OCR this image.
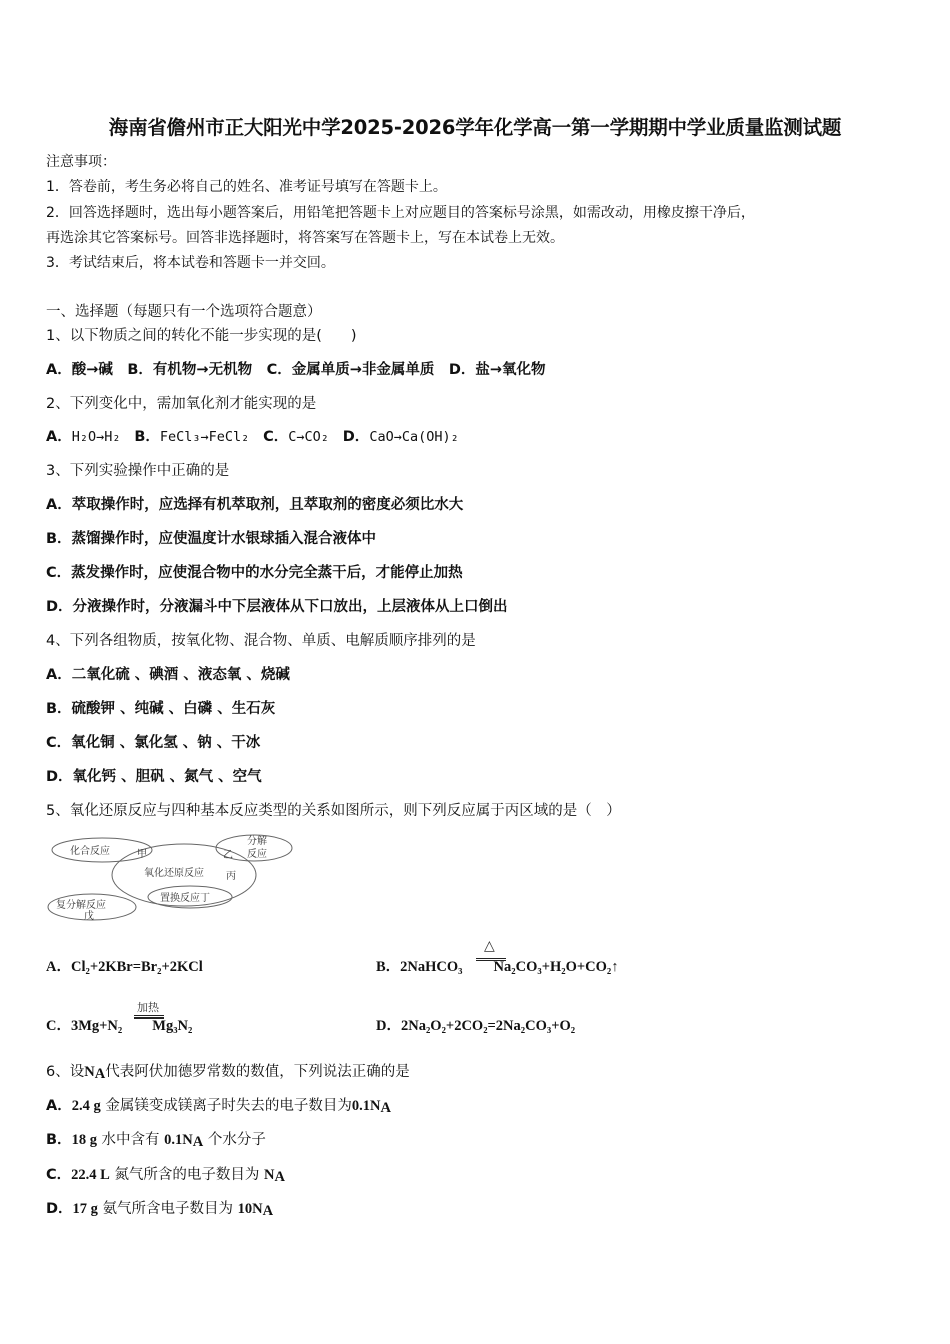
海南省儋州市正大阳光中学2025-2026学年化学高一第一学期期中学业质量监测试题
注意事项：
1．答卷前，考生务必将自己的姓名、准考证号填写在答题卡上。
2．回答选择题时，选出每小题答案后，用铅笔把答题卡上对应题目的答案标号涂黑，如需改动，用橡皮擦干净后，
再选涂其它答案标号。回答非选择题时，将答案写在答题卡上，写在本试卷上无效。
3．考试结束后，将本试卷和答题卡一并交回。
一、选择题（每题只有一个选项符合题意）
1、以下物质之间的转化不能一步实现的是(　　)
A．酸→碱　B．有机物→无机物　C．金属单质→非金属单质　D．盐→氧化物
2、下列变化中，需加氧化剂才能实现的是
A．H₂O→H₂ B．FeCl₃→FeCl₂ C．C→CO₂ D．CaO→Ca(OH)₂
3、下列实验操作中正确的是
A．萃取操作时，应选择有机萃取剂，且萃取剂的密度必须比水大
B．蒸馏操作时，应使温度计水银球插入混合液体中
C．蒸发操作时，应使混合物中的水分完全蒸干后，才能停止加热
D．分液操作时，分液漏斗中下层液体从下口放出，上层液体从上口倒出
4、下列各组物质，按氧化物、混合物、单质、电解质顺序排列的是
A．二氧化硫 、碘酒 、液态氧 、烧碱
B．硫酸钾 、纯碱 、白磷 、生石灰
C．氧化铜 、氯化氢 、钠 、干冰
D．氧化钙 、胆矾 、氮气 、空气
5、氧化还原反应与四种基本反应类型的关系如图所示，则下列反应属于丙区域的是（　）
化合反应	甲	乙
分解
反应
氧化还原反应 丙
置换反应丁
复分解反应
戊
A．Cl₂+2KBr=Br₂+2KCl	B．2NaHCO₃ Na₂CO₃+H₂O+CO₂↑
△
C．3Mg+N₂ Mg₃N₂
加热
D．2Na₂O₂+2CO₂=2Na₂CO₃+O₂
6、设$N_A$代表阿伏加德罗常数的数值，下列说法正确的是
A．2.4 g 金属镁变成镁离子时失去的电子数目为$0.1N_A$
B．18 g 水中含有 $0.1N_A$ 个水分子
C．22.4 L 氮气所含的电子数目为 $N_A$
D．17 g 氨气所含电子数目为 $10N_A$
